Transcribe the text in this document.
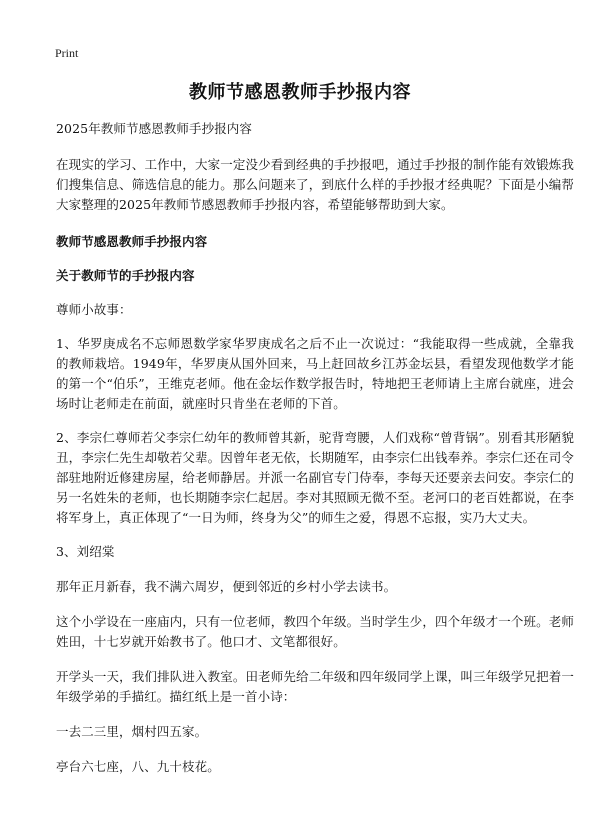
Print
教师节感恩教师手抄报内容

2025年教师节感恩教师手抄报内容

在现实的学习、工作中，大家一定没少看到经典的手抄报吧，通过手抄报的制作能有效锻炼我们搜集信息、筛选信息的能力。那么问题来了，到底什么样的手抄报才经典呢？下面是小编帮大家整理的2025年教师节感恩教师手抄报内容，希望能够帮助到大家。

教师节感恩教师手抄报内容

关于教师节的手抄报内容

尊师小故事：

1、华罗庚成名不忘师恩数学家华罗庚成名之后不止一次说过：“我能取得一些成就，全靠我的教师栽培。1949年，华罗庚从国外回来，马上赶回故乡江苏金坛县，看望发现他数学才能的第一个“伯乐”，王维克老师。他在金坛作数学报告时，特地把王老师请上主席台就座，进会场时让老师走在前面，就座时只肯坐在老师的下首。

2、李宗仁尊师若父李宗仁幼年的教师曾其新，驼背弯腰，人们戏称“曾背锅”。别看其形陋貌丑，李宗仁先生却敬若父辈。因曾年老无依，长期随军，由李宗仁出钱奉养。李宗仁还在司令部驻地附近修建房屋，给老师静居。并派一名副官专门侍奉，李每天还要亲去问安。李宗仁的另一名姓朱的老师，也长期随李宗仁起居。李对其照顾无微不至。老河口的老百姓都说，在李将军身上，真正体现了“一日为师，终身为父”的师生之爱，得恩不忘报，实乃大丈夫。

3、刘绍棠

那年正月新春，我不满六周岁，便到邻近的乡村小学去读书。

这个小学设在一座庙内，只有一位老师，教四个年级。当时学生少，四个年级才一个班。老师姓田，十七岁就开始教书了。他口才、文笔都很好。

开学头一天，我们排队进入教室。田老师先给二年级和四年级同学上课，叫三年级学兄把着一年级学弟的手描红。描红纸上是一首小诗：

一去二三里，烟村四五家。

亭台六七座，八、九十枝花。
